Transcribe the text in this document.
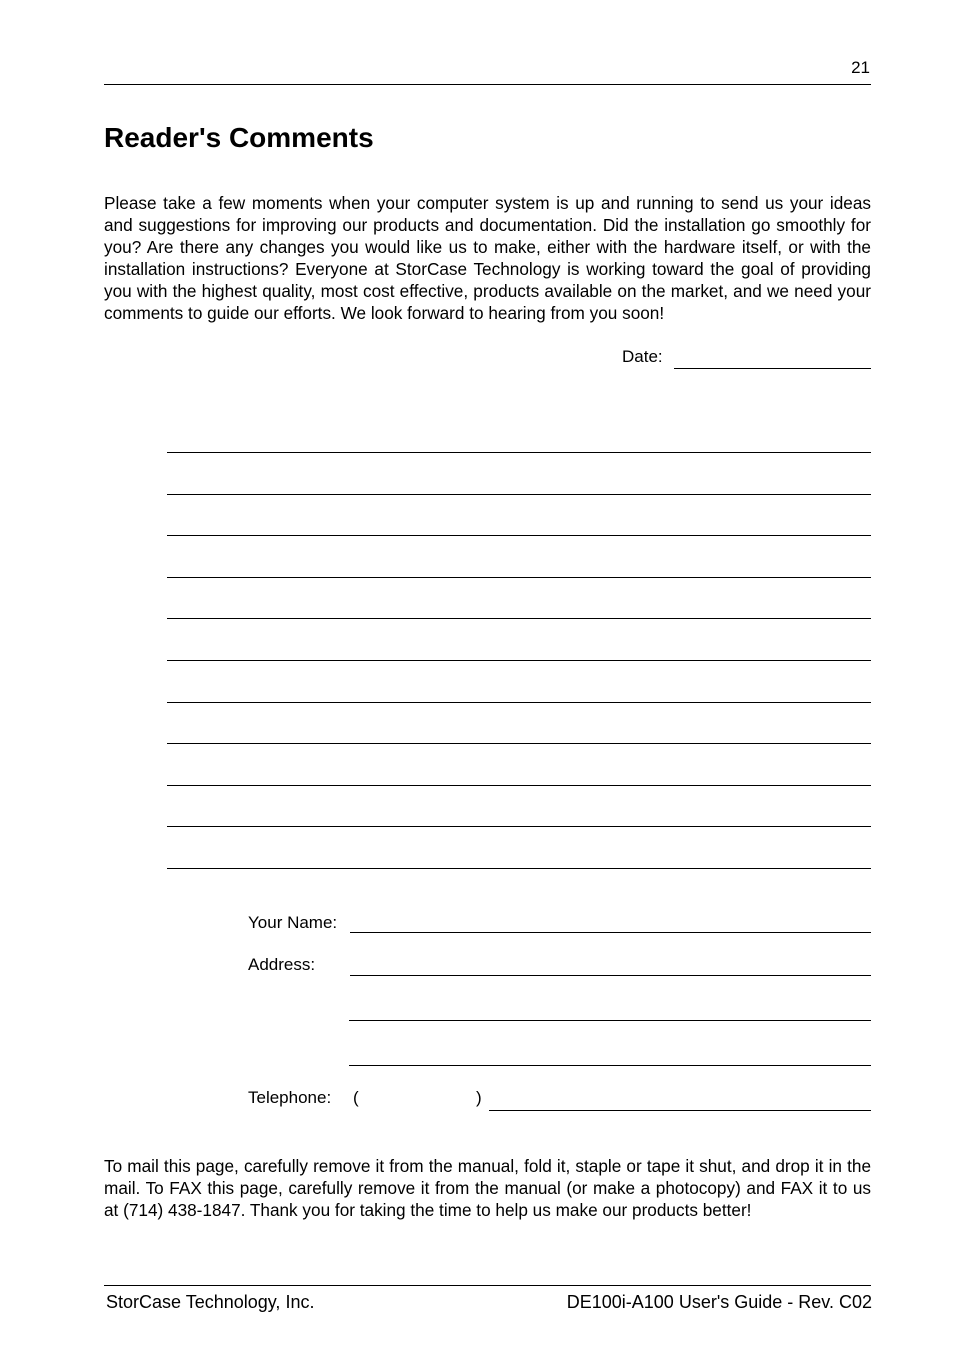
21
Reader's Comments

Please take a few moments when your computer system is up and running to send us your ideas and suggestions for improving our products and documentation. Did the installation go smoothly for you? Are there any changes you would like us to make, either with the hardware itself, or with the installation instructions? Everyone at StorCase Technology is working toward the goal of providing you with the highest quality, most cost effective, products available on the market, and we need your comments to guide our efforts. We look forward to hearing from you soon!

Date:
Your Name:
Address:
Telephone: (	)

To mail this page, carefully remove it from the manual, fold it, staple or tape it shut, and drop it in the mail. To FAX this page, carefully remove it from the manual (or make a photocopy) and FAX it to us at (714) 438-1847. Thank you for taking the time to help us make our products better!

StorCase Technology, Inc.	DE100i-A100 User's Guide - Rev. C02
